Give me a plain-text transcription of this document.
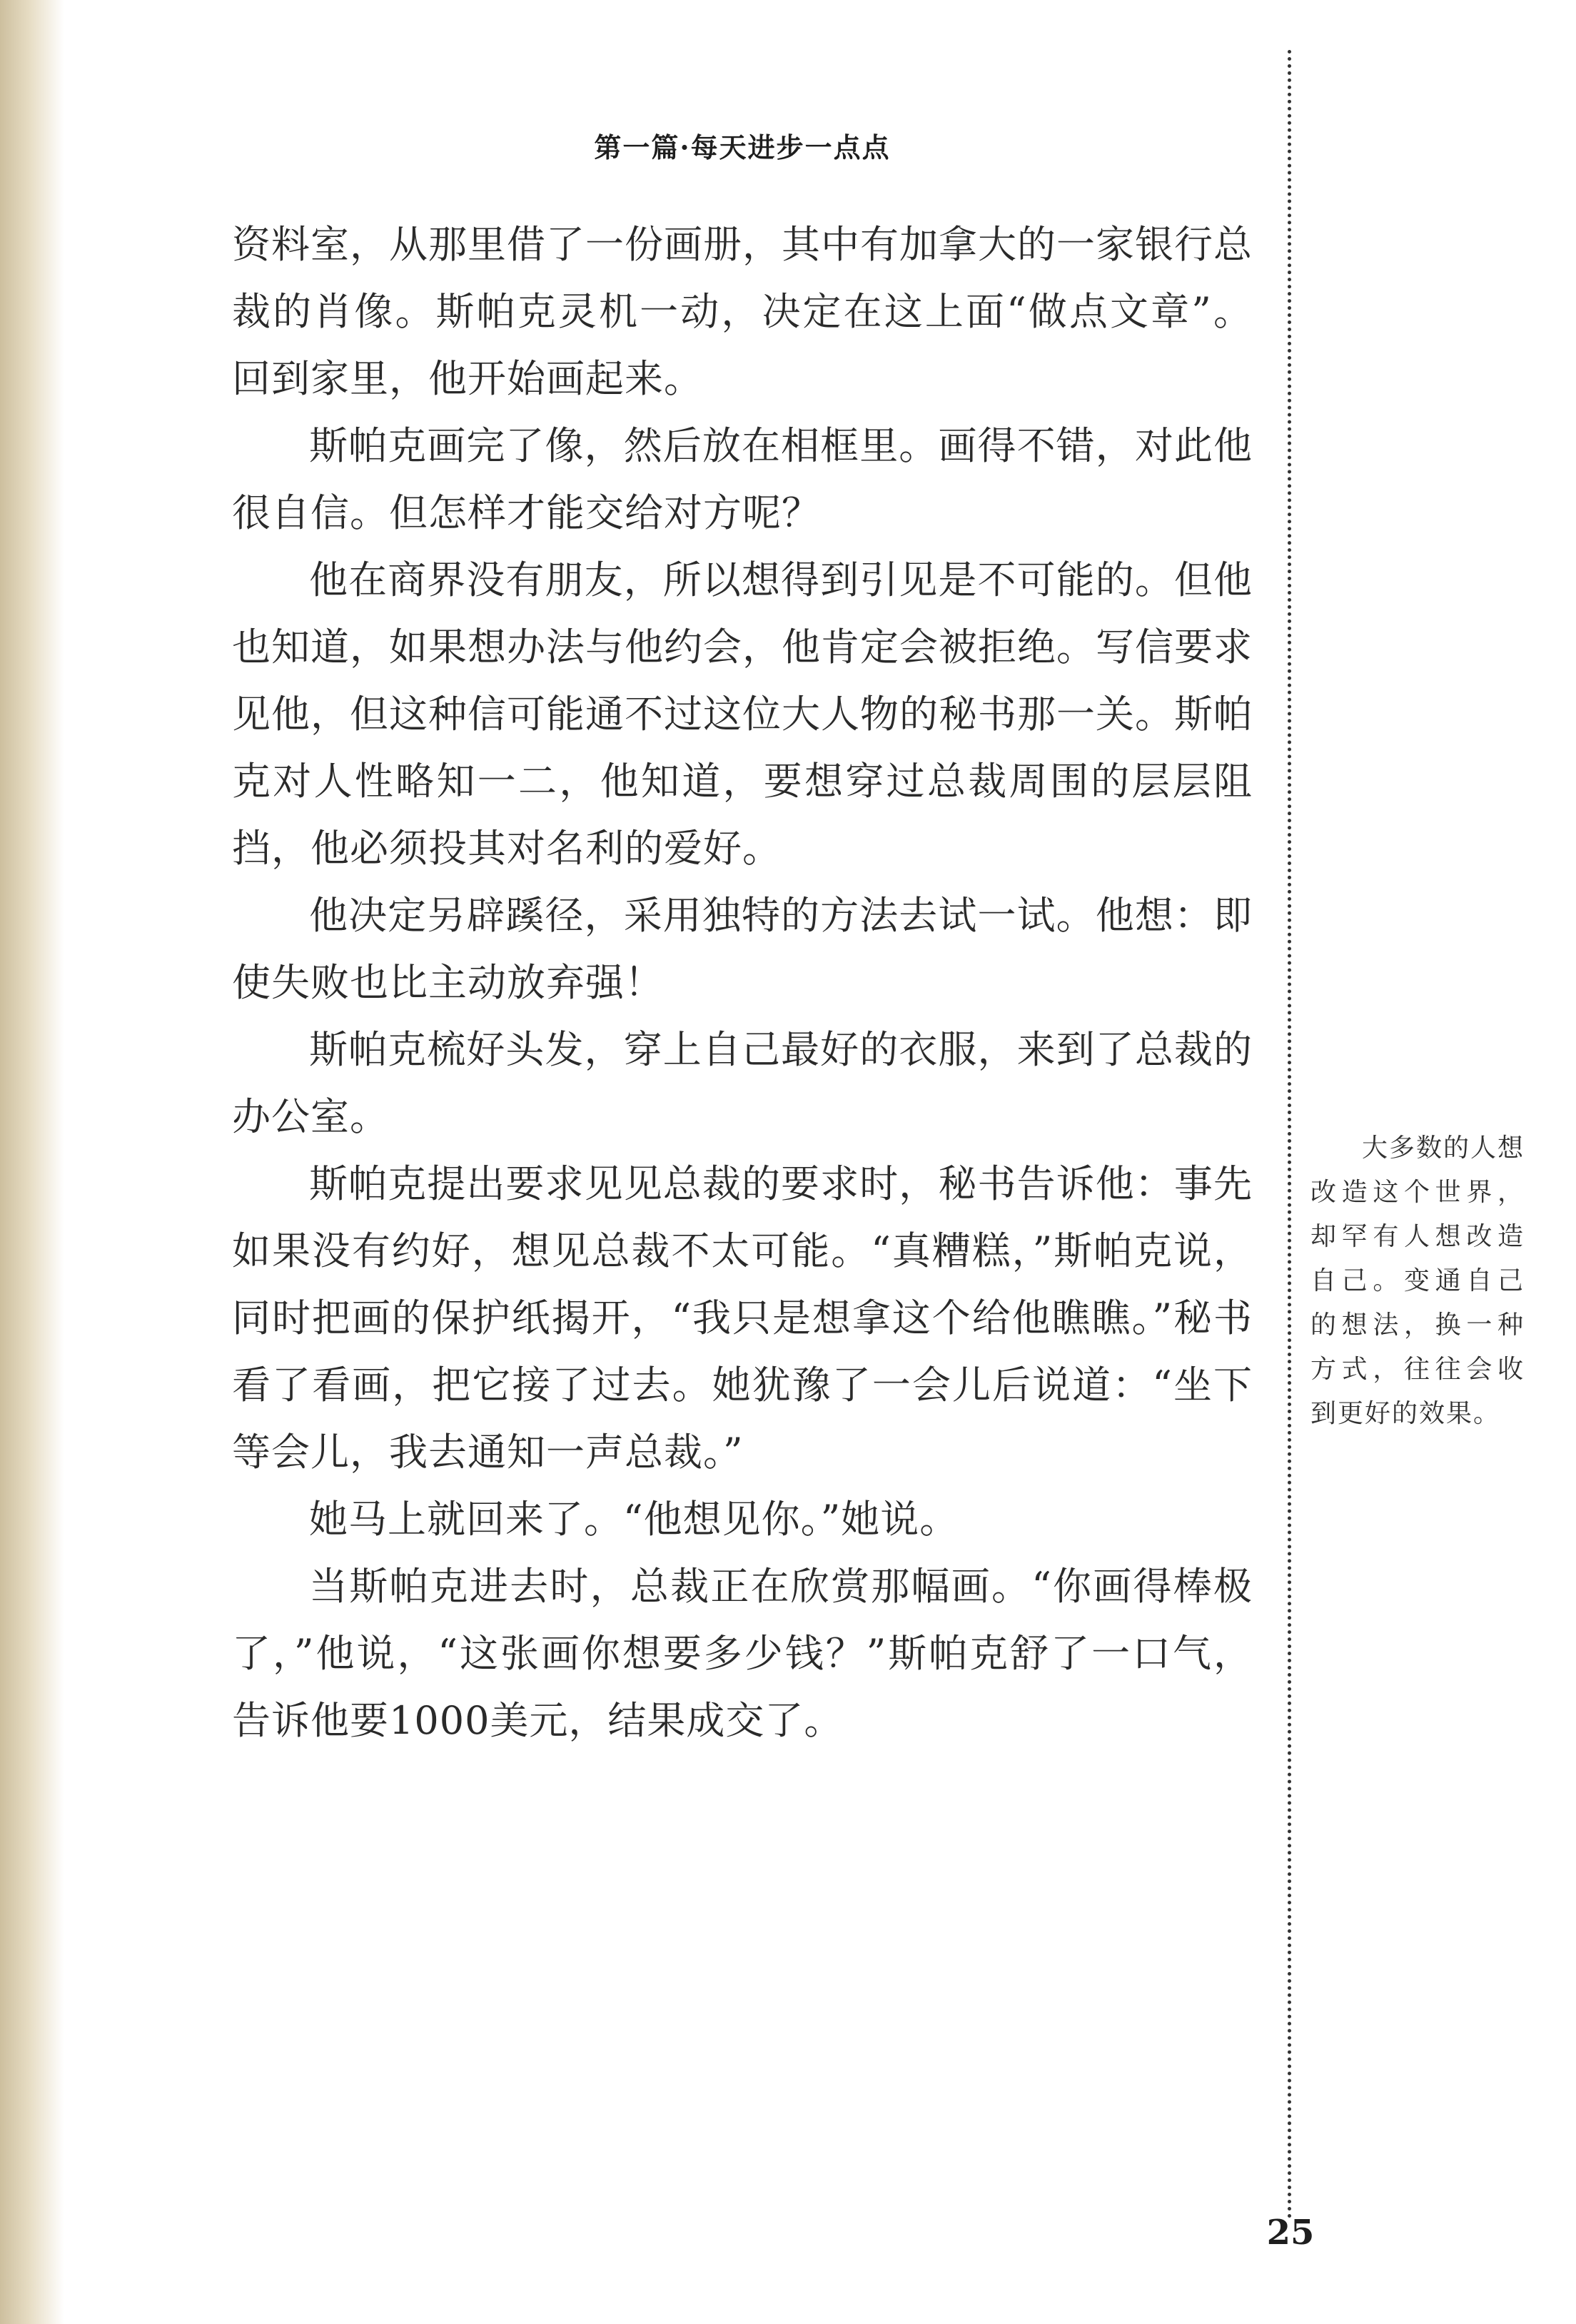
第一篇·每天进步一点点

资料室，从那里借了一份画册，其中有加拿大的一家银行总裁的肖像。斯帕克灵机一动，决定在这上面“做点文章”。回到家里，他开始画起来。

斯帕克画完了像，然后放在相框里。画得不错，对此他很自信。但怎样才能交给对方呢？

他在商界没有朋友，所以想得到引见是不可能的。但他也知道，如果想办法与他约会，他肯定会被拒绝。写信要求见他，但这种信可能通不过这位大人物的秘书那一关。斯帕克对人性略知一二，他知道，要想穿过总裁周围的层层阻挡，他必须投其对名利的爱好。

他决定另辟蹊径，采用独特的方法去试一试。他想：即使失败也比主动放弃强！

斯帕克梳好头发，穿上自己最好的衣服，来到了总裁的办公室。

斯帕克提出要求见见总裁的要求时，秘书告诉他：事先如果没有约好，想见总裁不太可能。“真糟糕，”斯帕克说，同时把画的保护纸揭开，“我只是想拿这个给他瞧瞧。”秘书看了看画，把它接了过去。她犹豫了一会儿后说道：“坐下等会儿，我去通知一声总裁。”

她马上就回来了。“他想见你。”她说。

当斯帕克进去时，总裁正在欣赏那幅画。“你画得棒极了，”他说，“这张画你想要多少钱？”斯帕克舒了一口气，告诉他要1000美元，结果成交了。

大多数的人想改造这个世界，却罕有人想改造自己。变通自己的想法，换一种方式，往往会收到更好的效果。

25
